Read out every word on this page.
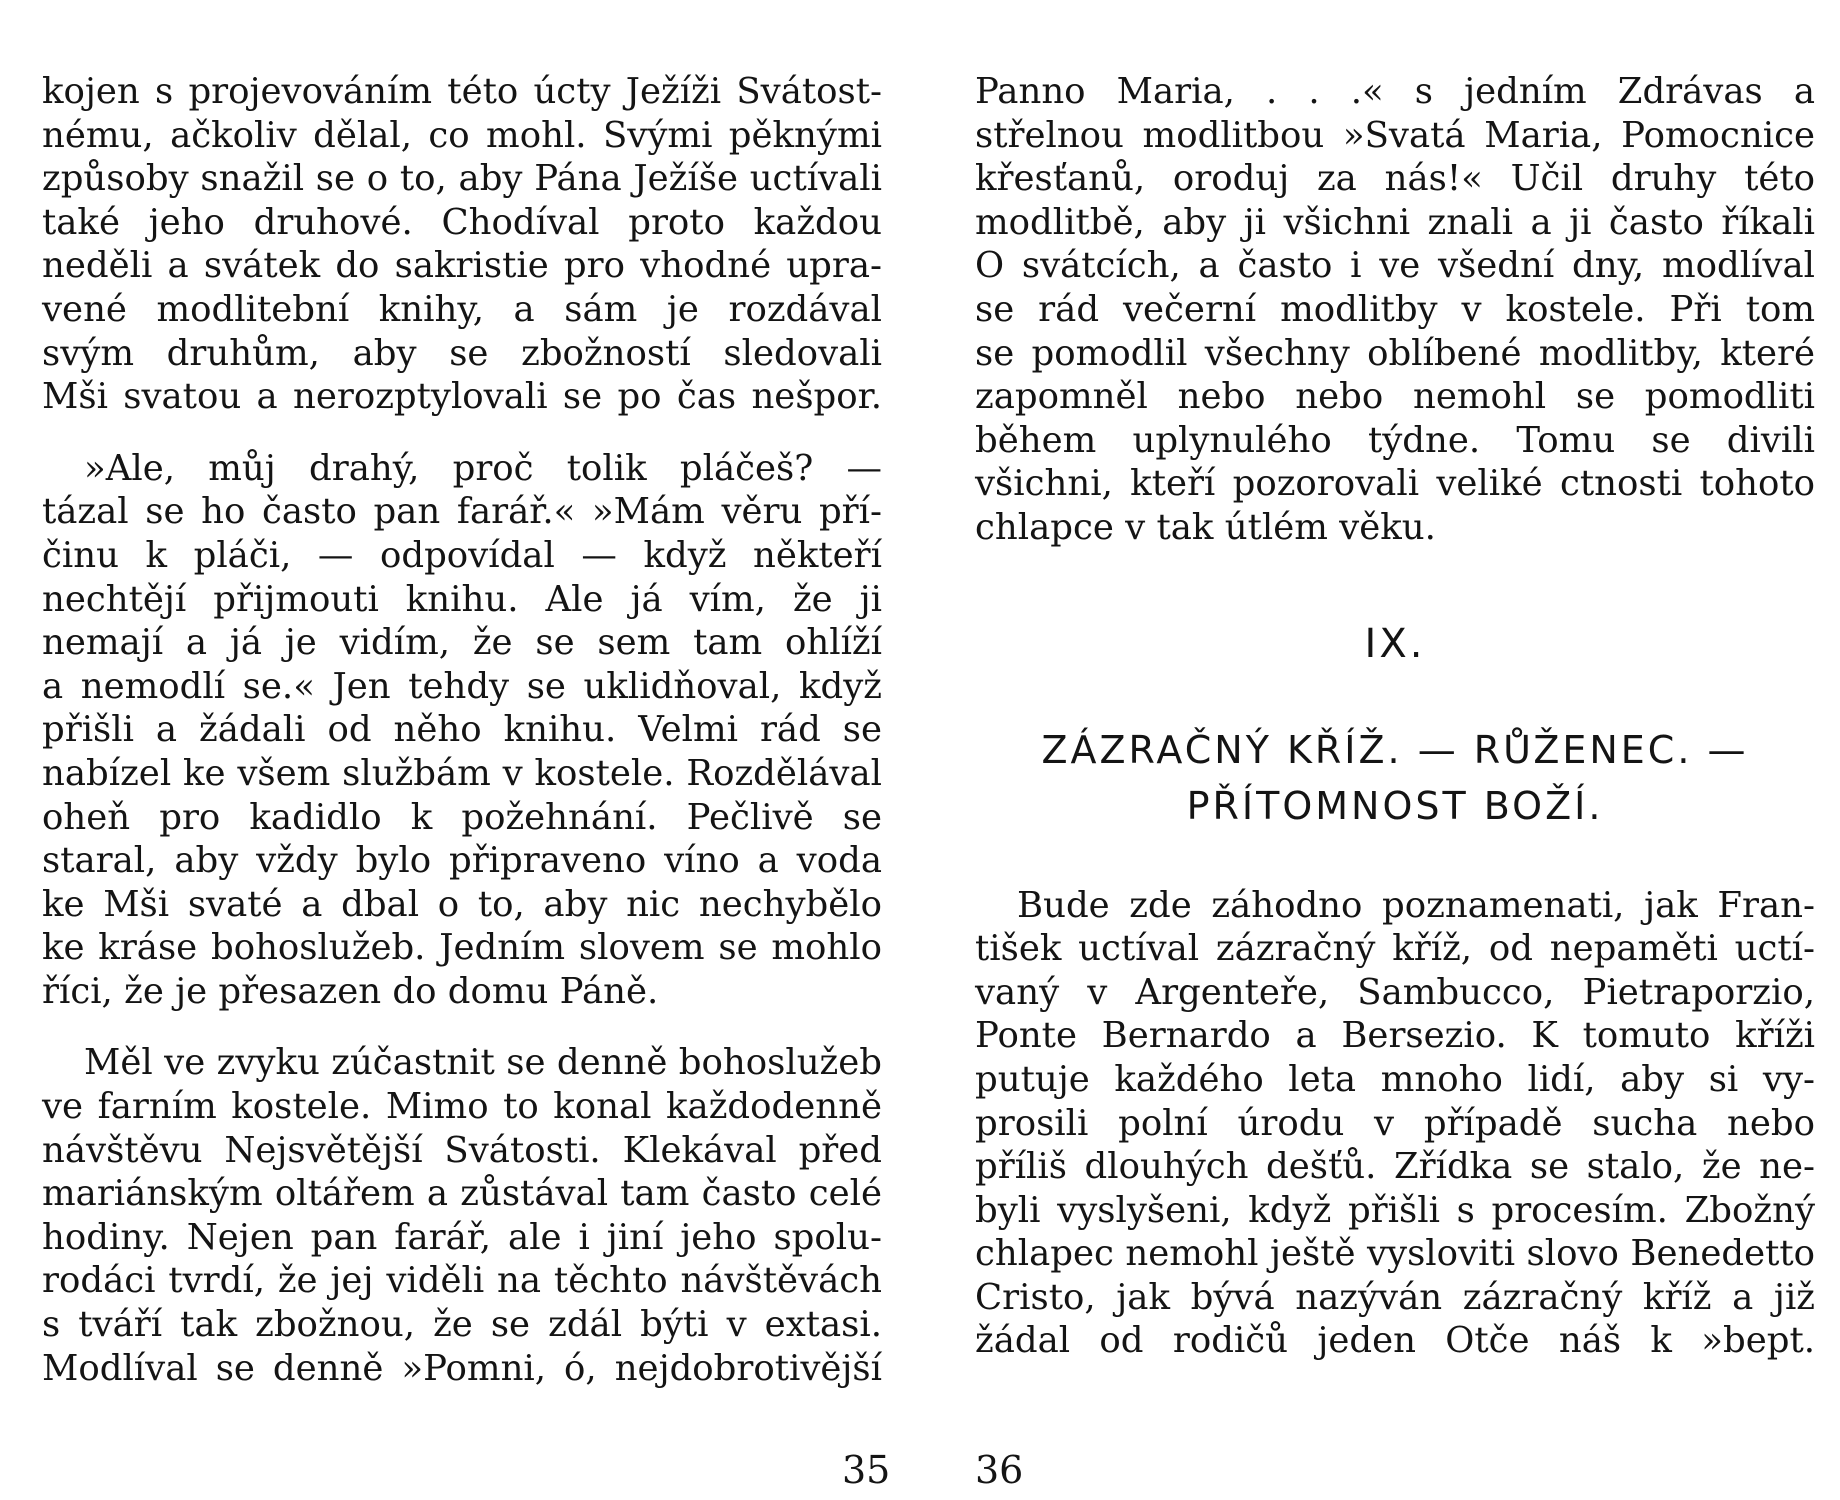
kojen s projevováním této úcty Ježíži Svátost-
nému, ačkoliv dělal, co mohl. Svými pěknými
způsoby snažil se o to, aby Pána Ježíše uctívali
také jeho druhové. Chodíval proto každou
neděli a svátek do sakristie pro vhodné upra-
vené modlitební knihy, a sám je rozdával
svým druhům, aby se zbožností sledovali
Mši svatou a nerozptylovali se po čas nešpor.
»Ale, můj drahý, proč tolik pláčeš? —
tázal se ho často pan farář.« »Mám věru pří-
činu k pláči, — odpovídal — když někteří
nechtějí přijmouti knihu. Ale já vím, že ji
nemají a já je vidím, že se sem tam ohlíží
a nemodlí se.« Jen tehdy se uklidňoval, když
přišli a žádali od něho knihu. Velmi rád se
nabízel ke všem službám v kostele. Rozdělával
oheň pro kadidlo k požehnání. Pečlivě se
staral, aby vždy bylo připraveno víno a voda
ke Mši svaté a dbal o to, aby nic nechybělo
ke kráse bohoslužeb. Jedním slovem se mohlo
říci, že je přesazen do domu Páně.
Měl ve zvyku zúčastnit se denně bohoslužeb
ve farním kostele. Mimo to konal každodenně
návštěvu Nejsvětější Svátosti. Klekával před
mariánským oltářem a zůstával tam často celé
hodiny. Nejen pan farář, ale i jiní jeho spolu-
rodáci tvrdí, že jej viděli na těchto návštěvách
s tváří tak zbožnou, že se zdál býti v extasi.
Modlíval se denně »Pomni, ó, nejdobrotivější
Panno Maria, . . .« s jedním Zdrávas a
střelnou modlitbou »Svatá Maria, Pomocnice
křesťanů, oroduj za nás!« Učil druhy této
modlitbě, aby ji všichni znali a ji často říkali
O svátcích, a často i ve všední dny, modlíval
se rád večerní modlitby v kostele. Při tom
se pomodlil všechny oblíbené modlitby, které
zapomněl nebo nebo nemohl se pomodliti
během uplynulého týdne. Tomu se divili
všichni, kteří pozorovali veliké ctnosti tohoto
chlapce v tak útlém věku.
IX.
ZÁZRAČNÝ KŘÍŽ. — RŮŽENEC. —
PŘÍTOMNOST BOŽÍ.
Bude zde záhodno poznamenati, jak Fran-
tišek uctíval zázračný kříž, od nepaměti uctí-
vaný v Argenteře, Sambucco, Pietraporzio,
Ponte Bernardo a Bersezio. K tomuto kříži
putuje každého leta mnoho lidí, aby si vy-
prosili polní úrodu v případě sucha nebo
příliš dlouhých dešťů. Zřídka se stalo, že ne-
byli vyslyšeni, když přišli s procesím. Zbožný
chlapec nemohl ještě vysloviti slovo Benedetto
Cristo, jak bývá nazýván zázračný kříž a již
žádal od rodičů jeden Otče náš k »bept.
35 36
